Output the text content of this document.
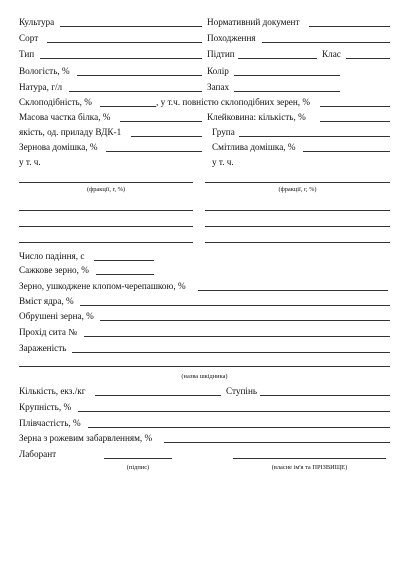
Культура	Нормативний документ
Сорт	Походження
Тип	Підтип	Клас
Вологість, %	Колір
Натура, г/л	Запах
Склоподібність, %	, у т.ч. повністю склоподібних зерен, %
Масова частка білка, %	Клейковина: кількість, %
якість, од. приладу ВДК-1	Група
Зернова домішка, %	Смітлива домішка, %
у т. ч.	у т. ч.
(фракції, г, %)	(фракції, г, %)
Число падіння, с
Сажкове зерно, %
Зерно, ушкоджене клопом-черепашкою, %
Вміст ядра, %
Обрушені зерна, %
Прохід сита №
Зараженість
(назва шкідника)
Кількість, екз./кг	Ступінь
Крупність, %
Плівчастість, %
Зерна з рожевим забарвленням, %
Лаборант
(підпис)	(власне ім'я та ПРІЗВИЩЕ)
